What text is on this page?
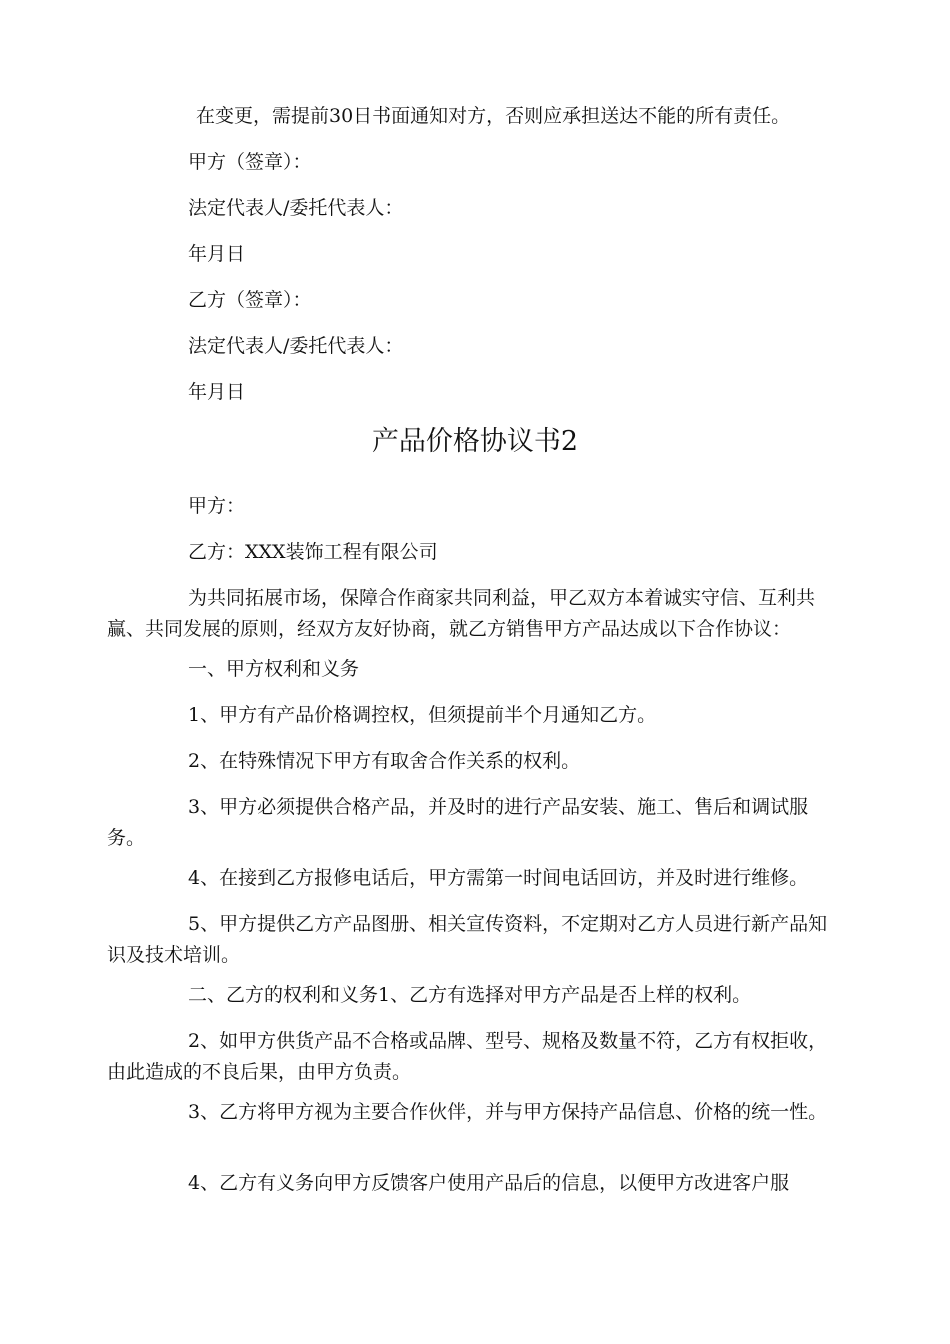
在变更，需提前30日书面通知对方，否则应承担送达不能的所有责任。

甲方（签章）：

法定代表人/委托代表人：

年月日

乙方（签章）：

法定代表人/委托代表人：

年月日

产品价格协议书2

甲方：

乙方：XXX装饰工程有限公司

为共同拓展市场，保障合作商家共同利益，甲乙双方本着诚实守信、互利共赢、共同发展的原则，经双方友好协商，就乙方销售甲方产品达成以下合作协议：

一、甲方权利和义务

1、甲方有产品价格调控权，但须提前半个月通知乙方。

2、在特殊情况下甲方有取舍合作关系的权利。

3、甲方必须提供合格产品，并及时的进行产品安装、施工、售后和调试服务。

4、在接到乙方报修电话后，甲方需第一时间电话回访，并及时进行维修。

5、甲方提供乙方产品图册、相关宣传资料，不定期对乙方人员进行新产品知识及技术培训。

二、乙方的权利和义务1、乙方有选择对甲方产品是否上样的权利。

2、如甲方供货产品不合格或品牌、型号、规格及数量不符，乙方有权拒收，由此造成的不良后果，由甲方负责。

3、乙方将甲方视为主要合作伙伴，并与甲方保持产品信息、价格的统一性。

4、乙方有义务向甲方反馈客户使用产品后的信息，以便甲方改进客户服
